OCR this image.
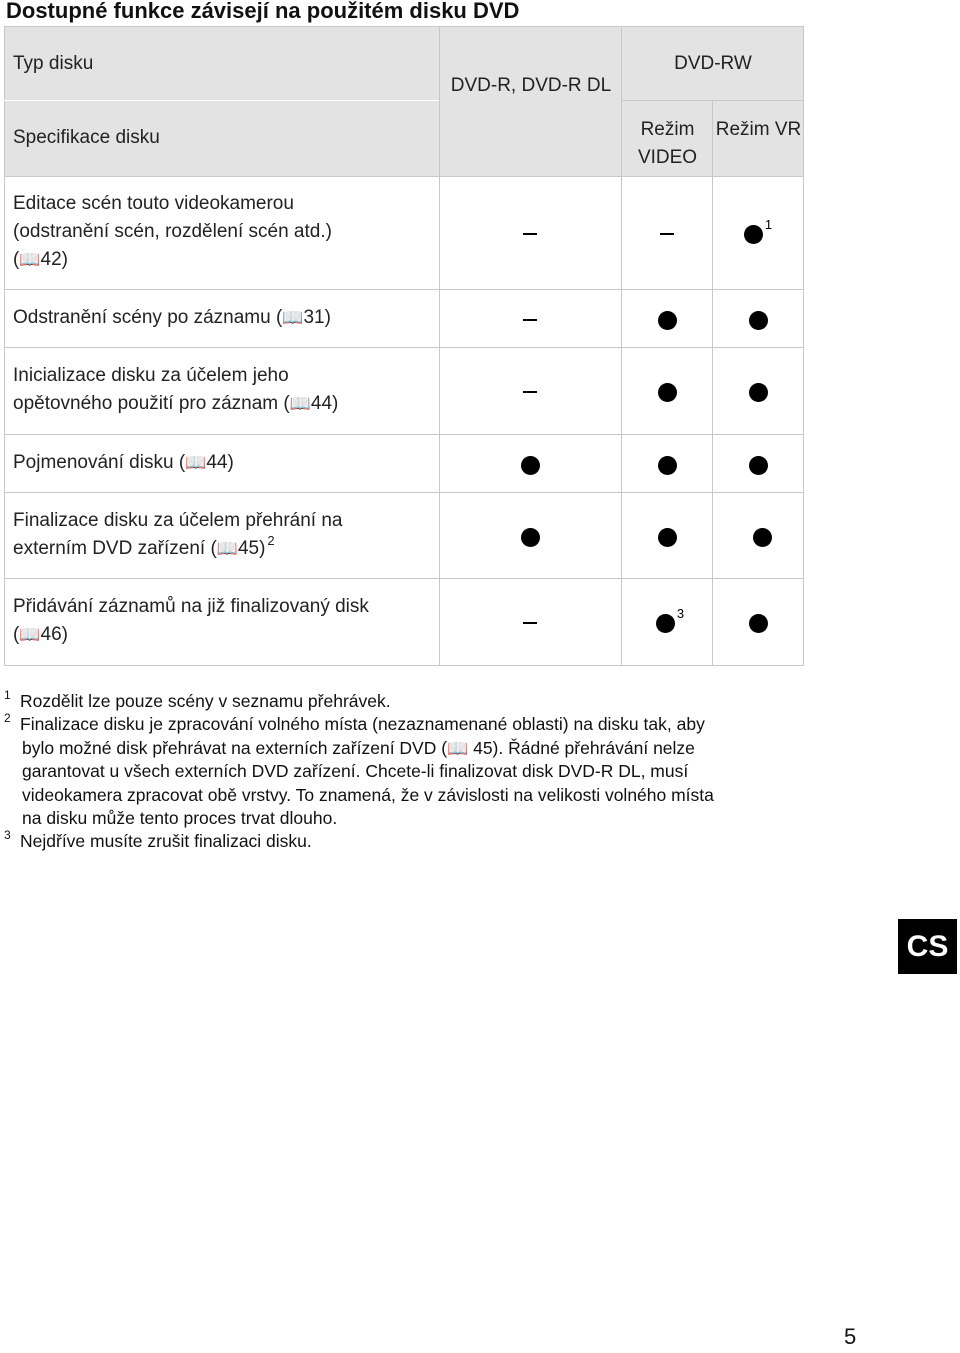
Dostupné funkce závisejí na použitém disku DVD
Typ disku
Specifikace disku
DVD-R, DVD-R DL
DVD-RW
Režim VIDEO
Režim VR
Editace scén touto videokamerou
(odstranění scén, rozdělení scén atd.)
(📖42)
$^1$
Odstranění scény po záznamu (📖31)
Inicializace disku za účelem jeho
opětovného použití pro záznam (📖44)
Pojmenování disku (📖44)
Finalizace disku za účelem přehrání na
externím DVD zařízení (📖45) $^2$
Přidávání záznamů na již finalizovaný disk
(📖46)
$^3$
1 Rozdělit lze pouze scény v seznamu přehrávek.
2 Finalizace disku je zpracování volného místa (nezaznamenané oblasti) na disku tak, aby
bylo možné disk přehrávat na externích zařízení DVD (📖 45). Řádné přehrávání nelze
garantovat u všech externích DVD zařízení. Chcete-li finalizovat disk DVD-R DL, musí
videokamera zpracovat obě vrstvy. To znamená, že v závislosti na velikosti volného místa
na disku může tento proces trvat dlouho.
3 Nejdříve musíte zrušit finalizaci disku.
CS
5
